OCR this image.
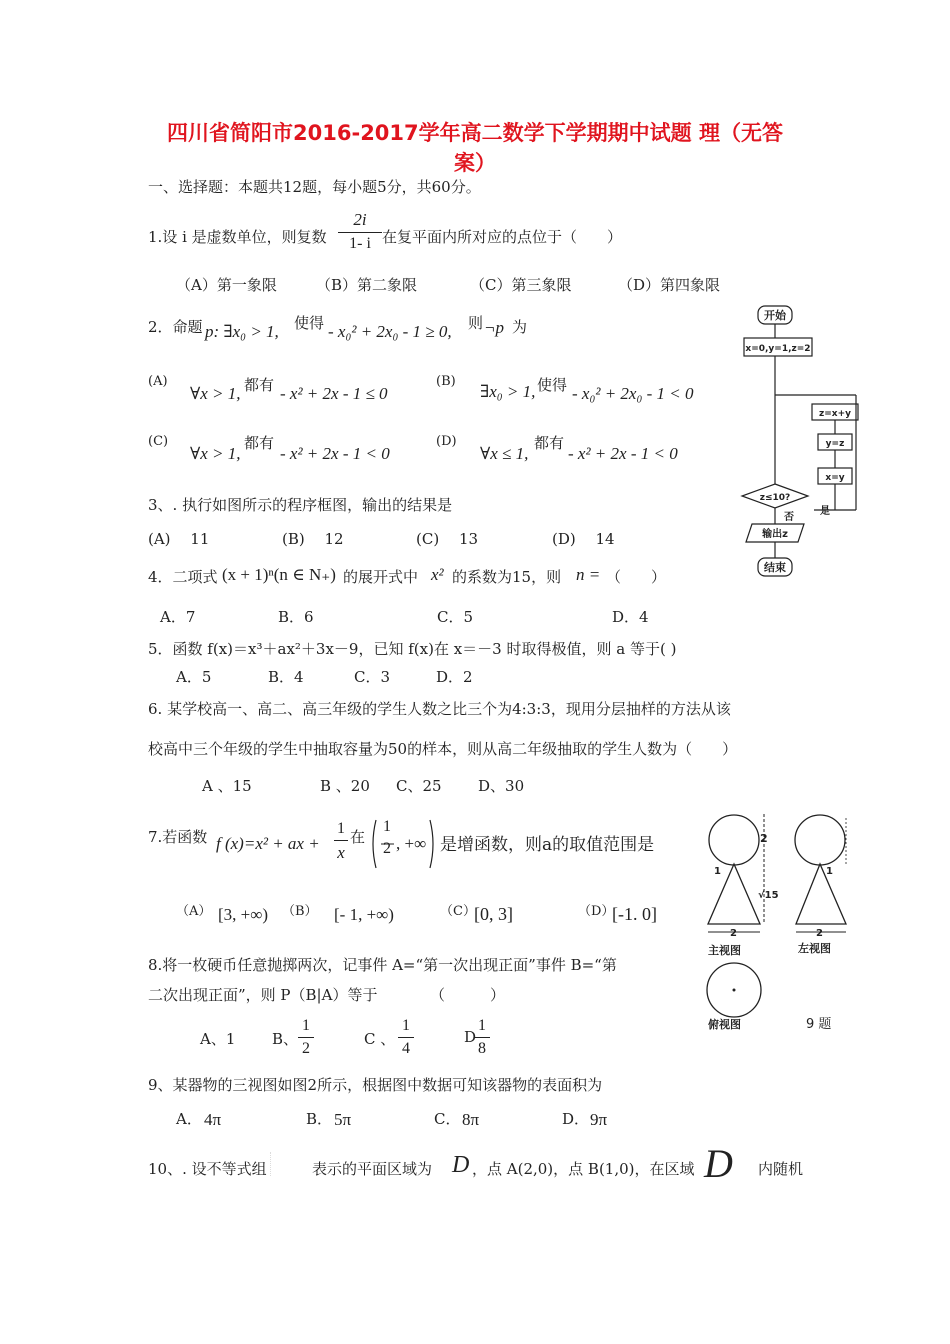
四川省简阳市2016-2017学年高二数学下学期期中试题 理（无答案）
一、选择题：本题共12题，每小题5分，共60分。
1.设 i 是虚数单位，则复数
2i
1- i 在复平面内所对应的点位于（　　）
（A）第一象限	（B）第二象限	（C）第三象限	（D）第四象限
2．命题 p: ∃x₀ > 1, 使得 - x₀² + 2x₀ - 1 ≥ 0, 则 ¬p 为
(A)
∀x > 1, 都有 - x² + 2x - 1 ≤ 0
(B)
∃x₀ > 1, 使得 - x₀² + 2x₀ - 1 < 0
(C)
∀x > 1,
都有
- x² + 2x - 1 < 0
(D)
∀x ≤ 1,
都有
- x² + 2x - 1 < 0
3、. 执行如图所示的程序框图，输出的结果是
(A)　 11	(B)　 12	(C)　 13	(D)　 14
4．二项式 (x + 1)ⁿ(n ∈ N₊) 的展开式中 x² 的系数为15，则 n = （　　）
A．7	B．6	C．5	D．4
5．函数 f(x)＝x³＋ax²＋3x－9，已知 f(x)在 x＝－3 时取得极值，则 a 等于( )
A．5	B．4	C．3	D．2
6. 某学校高一、高二、高三年级的学生人数之比三个为4:3:3，现用分层抽样的方法从该
校高中三个年级的学生中抽取容量为50的样本，则从高二年级抽取的学生人数为（　　）
A 、15	B 、20 C、25 D、30
7.若函数 f (x)=x² + ax +
1
x
在
1
2 , +∞ 是增函数，则a的取值范围是
（A） [3, +∞) （B） [- 1, +∞)	（C）
[0, 3]	（D）
[-1. 0]
8.将一枚硬币任意抛掷两次，记事件 A=“第一次出现正面”事件 B=“第
二次出现正面”，则 P（B|A）等于　　　　（　　　）
A、1 B、
1
2
C 、
1
4
D
1
8
9、某器物的三视图如图2所示，根据图中数据可知该器物的表面积为
A． 4π	B． 5π	C． 8π	D． 9π
10、. 设不等式组	表示的平面区域为 D ，点 A(2,0)，点 B(1,0)，在区域 D 内随机
开始
x=0,y=1,z=2
z=x+y
y=z
x=y
z≤10?
否
是
输出z
结束
2
√15
1	1
2	2
主视图	左视图
俯视图	9 题
